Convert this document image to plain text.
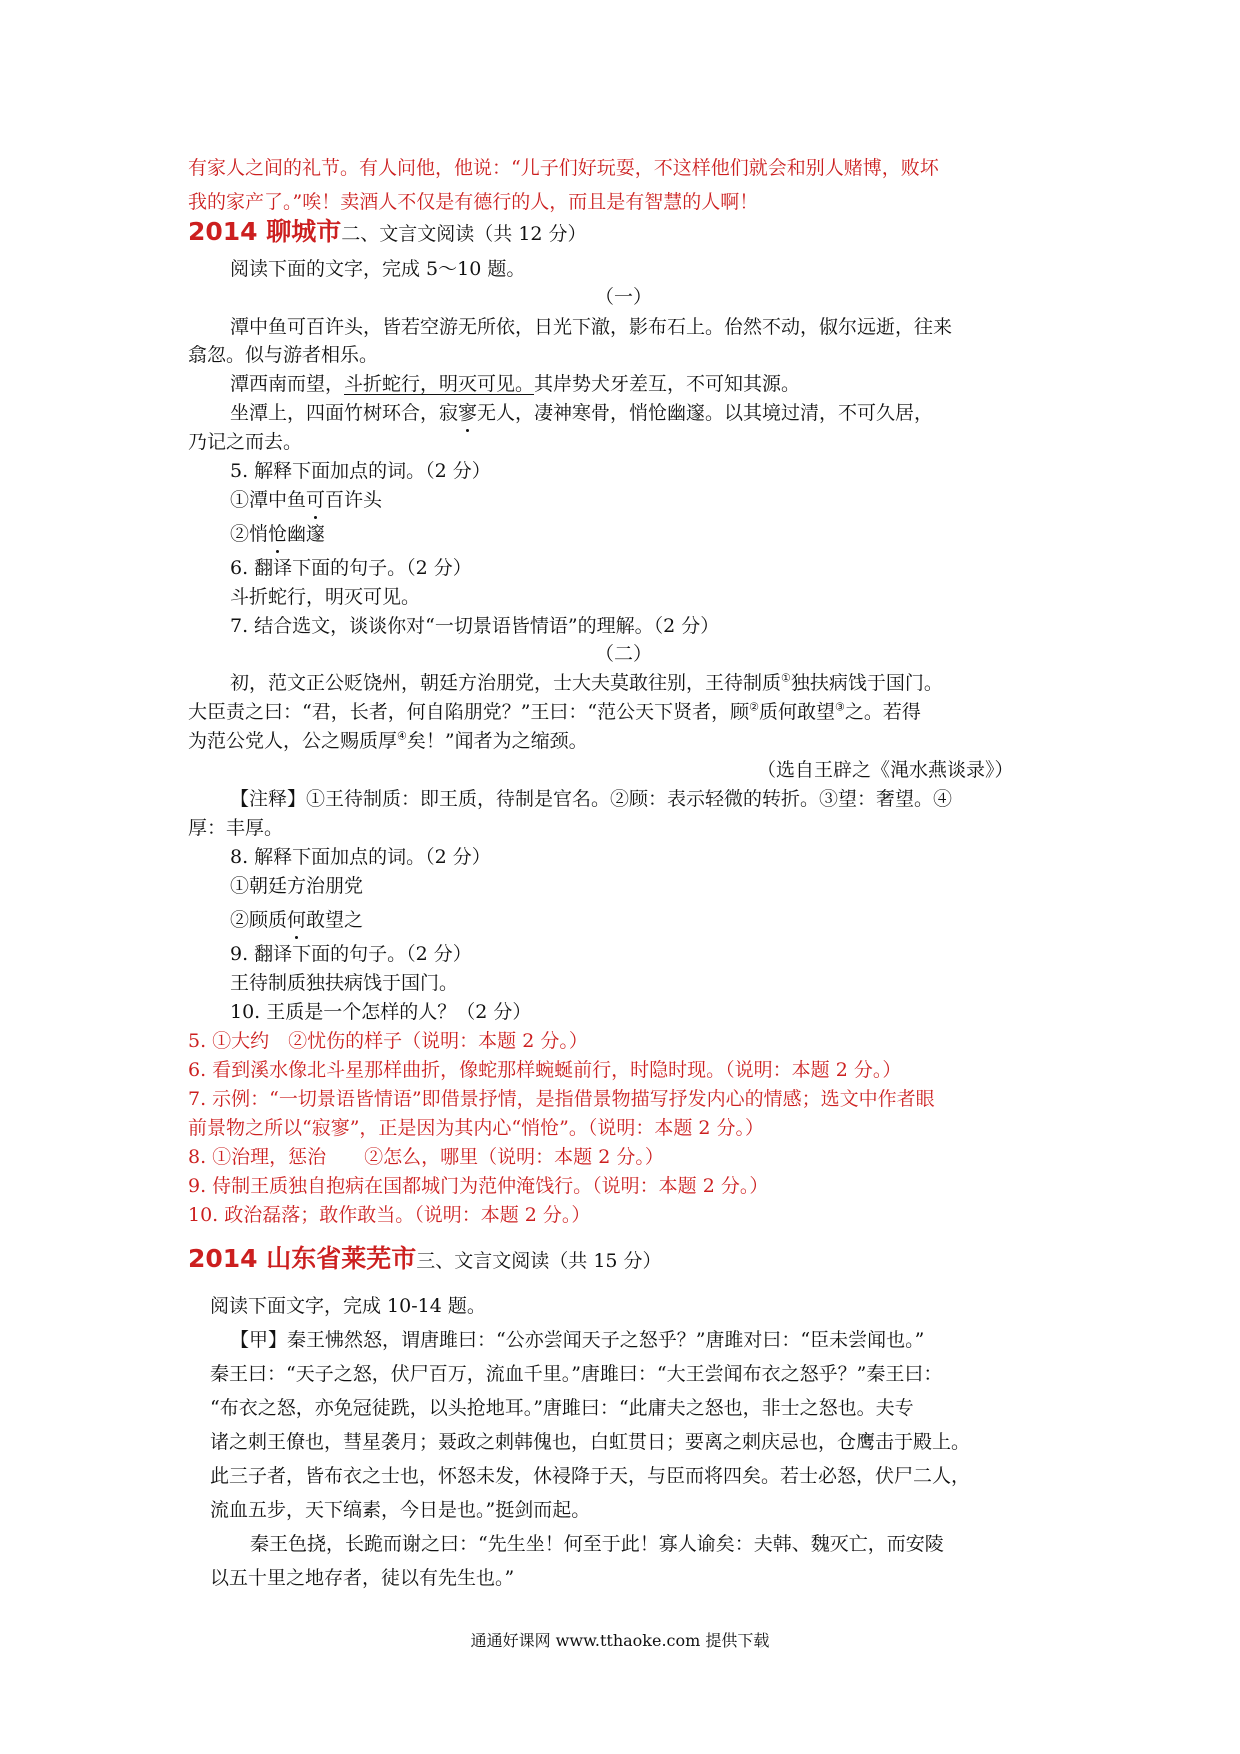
有家人之间的礼节。有人问他，他说：“儿子们好玩耍，不这样他们就会和别人赌博，败坏
我的家产了。”唉！卖酒人不仅是有德行的人，而且是有智慧的人啊！
2014 聊城市二、文言文阅读（共 12 分）
阅读下面的文字，完成 5～10 题。
（一）
潭中鱼可百许头，皆若空游无所依，日光下澈，影布石上。佁然不动，俶尔远逝，往来
翕忽。似与游者相乐。
潭西南而望，斗折蛇行，明灭可见。其岸势犬牙差互，不可知其源。
坐潭上，四面竹树环合，寂寥无人，凄神寒骨，悄怆幽邃。以其境过清，不可久居，
乃记之而去。
5. 解释下面加点的词。（2 分）
①潭中鱼可百许头
②悄怆幽邃
6. 翻译下面的句子。（2 分）
斗折蛇行，明灭可见。
7. 结合选文，谈谈你对“一切景语皆情语”的理解。（2 分）
（二）
初，范文正公贬饶州，朝廷方治朋党，士大夫莫敢往别，王待制质①独扶病饯于国门。
大臣责之曰：“君，长者，何自陷朋党？”王曰：“范公天下贤者，顾②质何敢望③之。若得
为范公党人，公之赐质厚④矣！”闻者为之缩颈。
（选自王辟之《渑水燕谈录》）
【注释】①王待制质：即王质，待制是官名。②顾：表示轻微的转折。③望：奢望。④
厚：丰厚。
8. 解释下面加点的词。（2 分）
①朝廷方治朋党
②顾质何敢望之
9. 翻译下面的句子。（2 分）
王待制质独扶病饯于国门。
10. 王质是一个怎样的人？（2 分）
5. ①大约　②忧伤的样子（说明：本题 2 分。）
6. 看到溪水像北斗星那样曲折，像蛇那样蜿蜒前行，时隐时现。（说明：本题 2 分。）
7. 示例：“一切景语皆情语”即借景抒情，是指借景物描写抒发内心的情感；选文中作者眼
前景物之所以“寂寥”，正是因为其内心“悄怆”。（说明：本题 2 分。）
8. ①治理，惩治　　②怎么，哪里（说明：本题 2 分。）
9. 侍制王质独自抱病在国都城门为范仲淹饯行。（说明：本题 2 分。）
10. 政治磊落；敢作敢当。（说明：本题 2 分。）
2014 山东省莱芜市三、文言文阅读（共 15 分）
阅读下面文字，完成 10-14 题。
【甲】秦王怫然怒，谓唐雎曰：“公亦尝闻天子之怒乎？”唐雎对曰：“臣未尝闻也。”
秦王曰：“天子之怒，伏尸百万，流血千里。”唐雎曰：“大王尝闻布衣之怒乎？”秦王曰：
“布衣之怒，亦免冠徒跣，以头抢地耳。”唐雎曰：“此庸夫之怒也，非士之怒也。夫专
诸之刺王僚也，彗星袭月；聂政之刺韩傀也，白虹贯日；要离之刺庆忌也，仓鹰击于殿上。
此三子者，皆布衣之士也，怀怒未发，休祲降于天，与臣而将四矣。若士必怒，伏尸二人，
流血五步，天下缟素，今日是也。”挺剑而起。
秦王色挠，长跪而谢之曰：“先生坐！何至于此！寡人谕矣：夫韩、魏灭亡，而安陵
以五十里之地存者，徒以有先生也。”
通通好课网 www.tthaoke.com 提供下载
